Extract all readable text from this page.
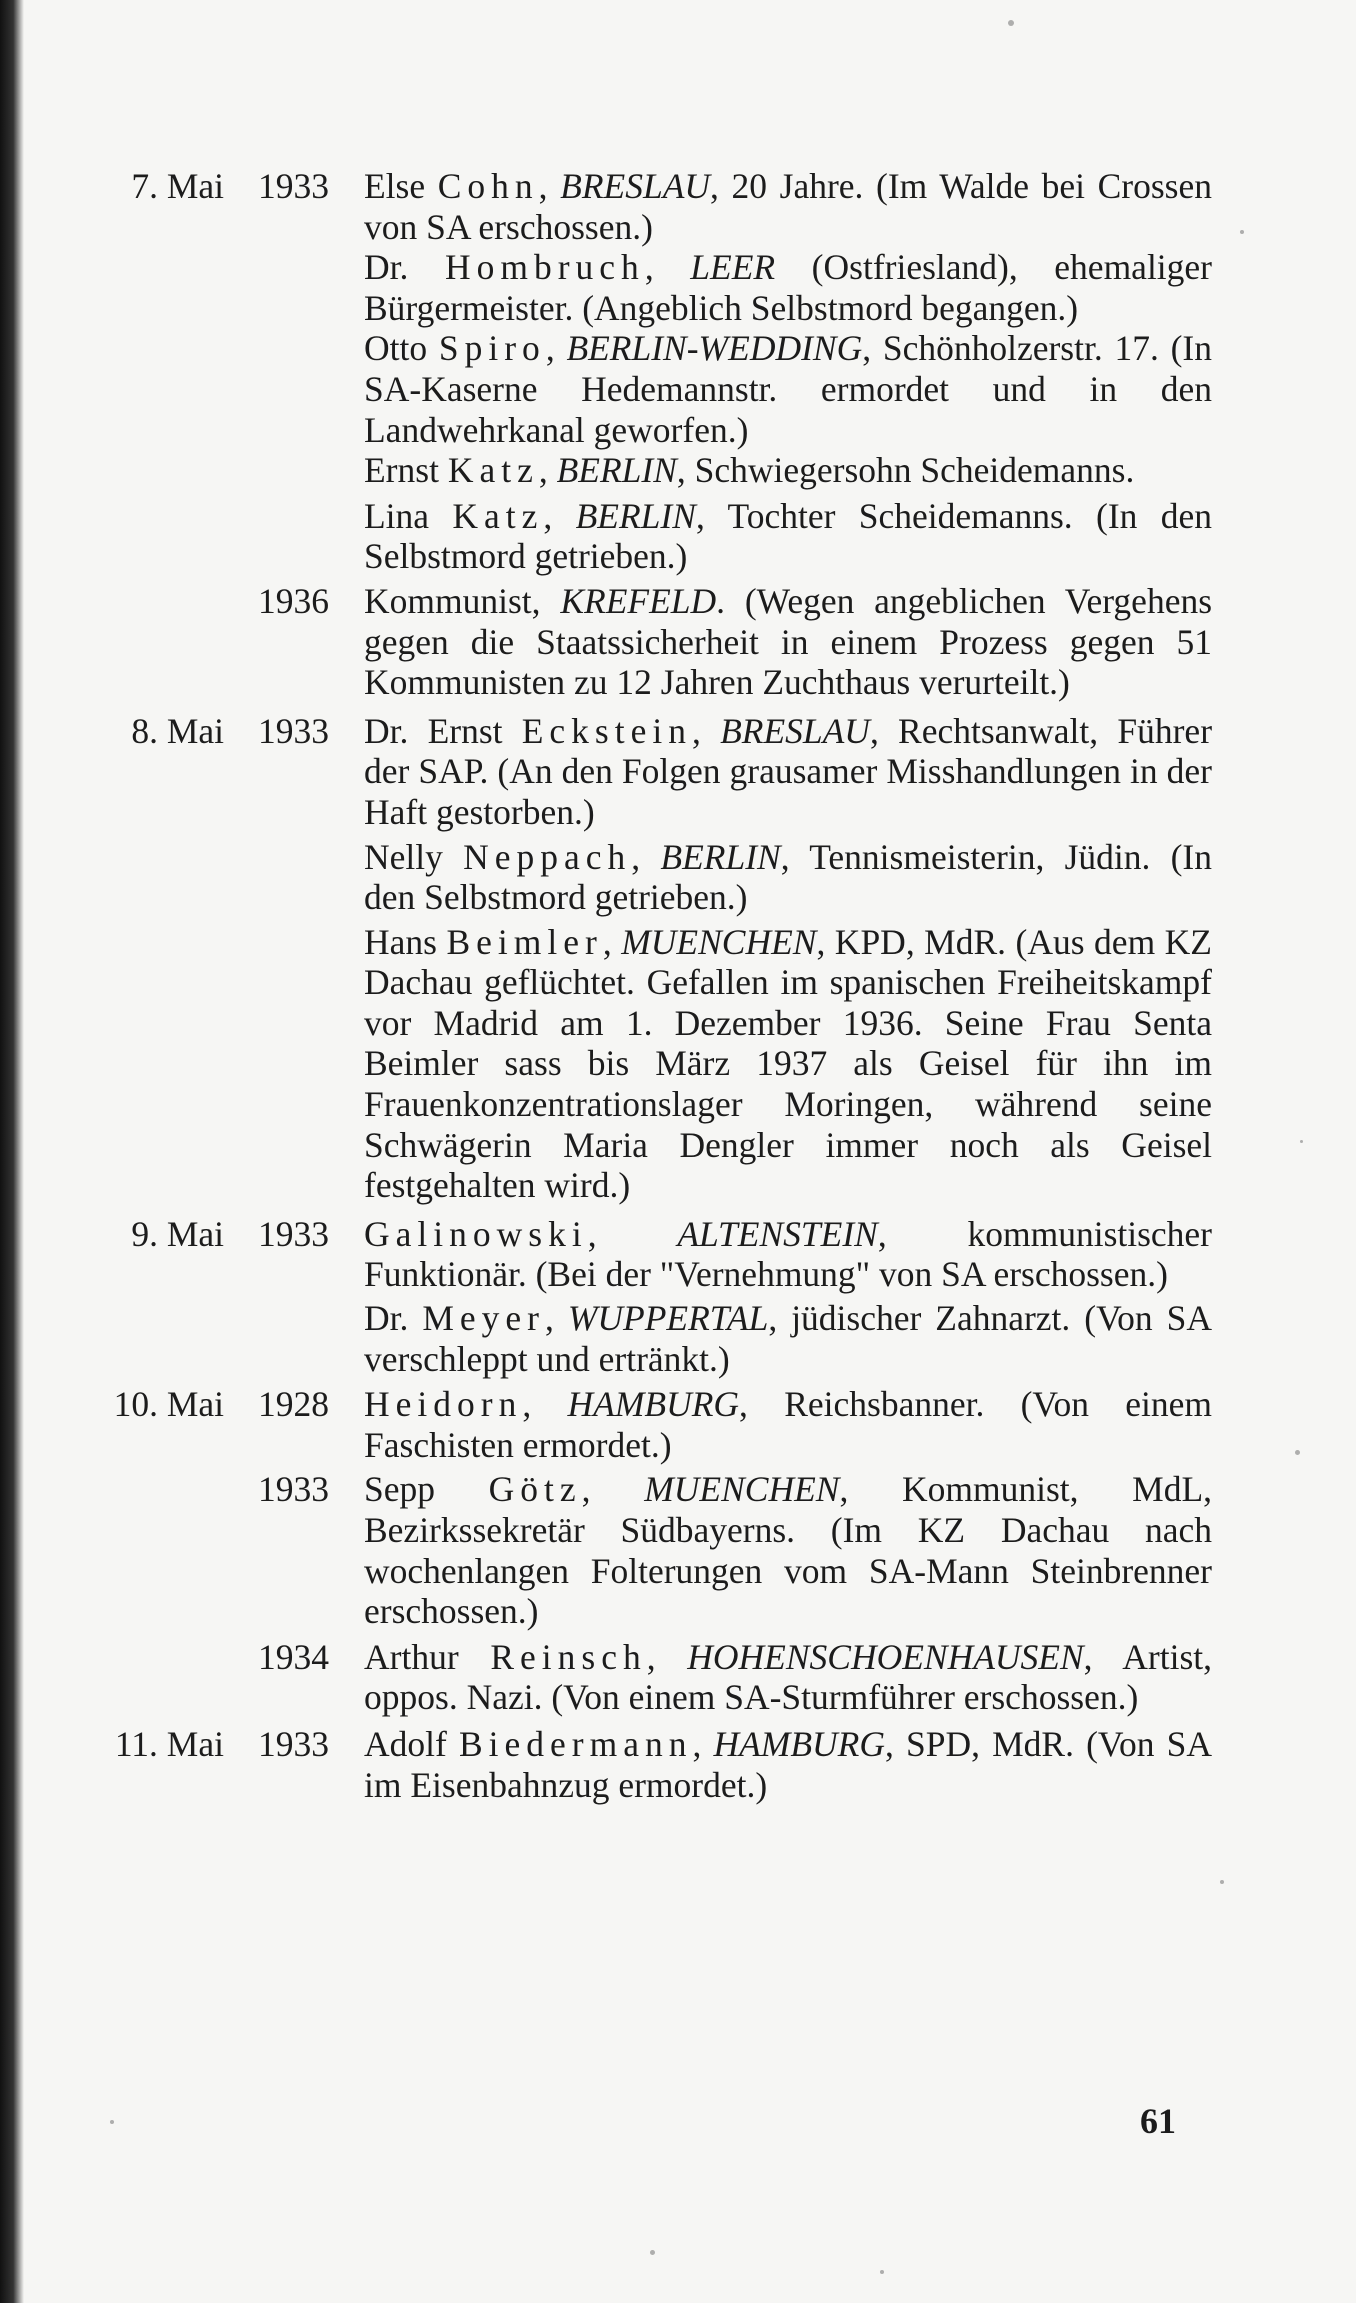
7. Mai 1933 Else Cohn, BRESLAU, 20 Jahre. (Im Walde bei Crossen von SA erschossen.)
Dr. Hombruch, LEER (Ostfriesland), ehemaliger Bürgermeister. (Angeblich Selbstmord begangen.)
Otto Spiro, BERLIN-WEDDING, Schönholzerstr. 17. (In SA-Kaserne Hedemannstr. ermordet und in den Landwehrkanal geworfen.)
Ernst Katz, BERLIN, Schwiegersohn Scheidemanns.
Lina Katz, BERLIN, Tochter Scheidemanns. (In den Selbstmord getrieben.)
1936 Kommunist, KREFELD. (Wegen angeblichen Vergehens gegen die Staatssicherheit in einem Prozess gegen 51 Kommunisten zu 12 Jahren Zuchthaus verurteilt.)
8. Mai 1933 Dr. Ernst Eckstein, BRESLAU, Rechtsanwalt, Führer der SAP. (An den Folgen grausamer Misshandlungen in der Haft gestorben.)
Nelly Neppach, BERLIN, Tennismeisterin, Jüdin. (In den Selbstmord getrieben.)
Hans Beimler, MUENCHEN, KPD, MdR. (Aus dem KZ Dachau geflüchtet. Gefallen im spanischen Freiheitskampf vor Madrid am 1. Dezember 1936. Seine Frau Senta Beimler sass bis März 1937 als Geisel für ihn im Frauenkonzentrationslager Moringen, während seine Schwägerin Maria Dengler immer noch als Geisel festgehalten wird.)
9. Mai 1933 Galinowski, ALTENSTEIN, kommunistischer Funktionär. (Bei der "Vernehmung" von SA erschossen.)
Dr. Meyer, WUPPERTAL, jüdischer Zahnarzt. (Von SA verschleppt und ertränkt.)
10. Mai 1928 Heidorn, HAMBURG, Reichsbanner. (Von einem Faschisten ermordet.)
1933 Sepp Götz, MUENCHEN, Kommunist, MdL, Bezirkssekretär Südbayerns. (Im KZ Dachau nach wochenlangen Folterungen vom SA-Mann Steinbrenner erschossen.)
1934 Arthur Reinsch, HOHENSCHOENHAUSEN, Artist, oppos. Nazi. (Von einem SA-Sturmführer erschossen.)
11. Mai 1933 Adolf Biedermann, HAMBURG, SPD, MdR. (Von SA im Eisenbahnzug ermordet.)
61
